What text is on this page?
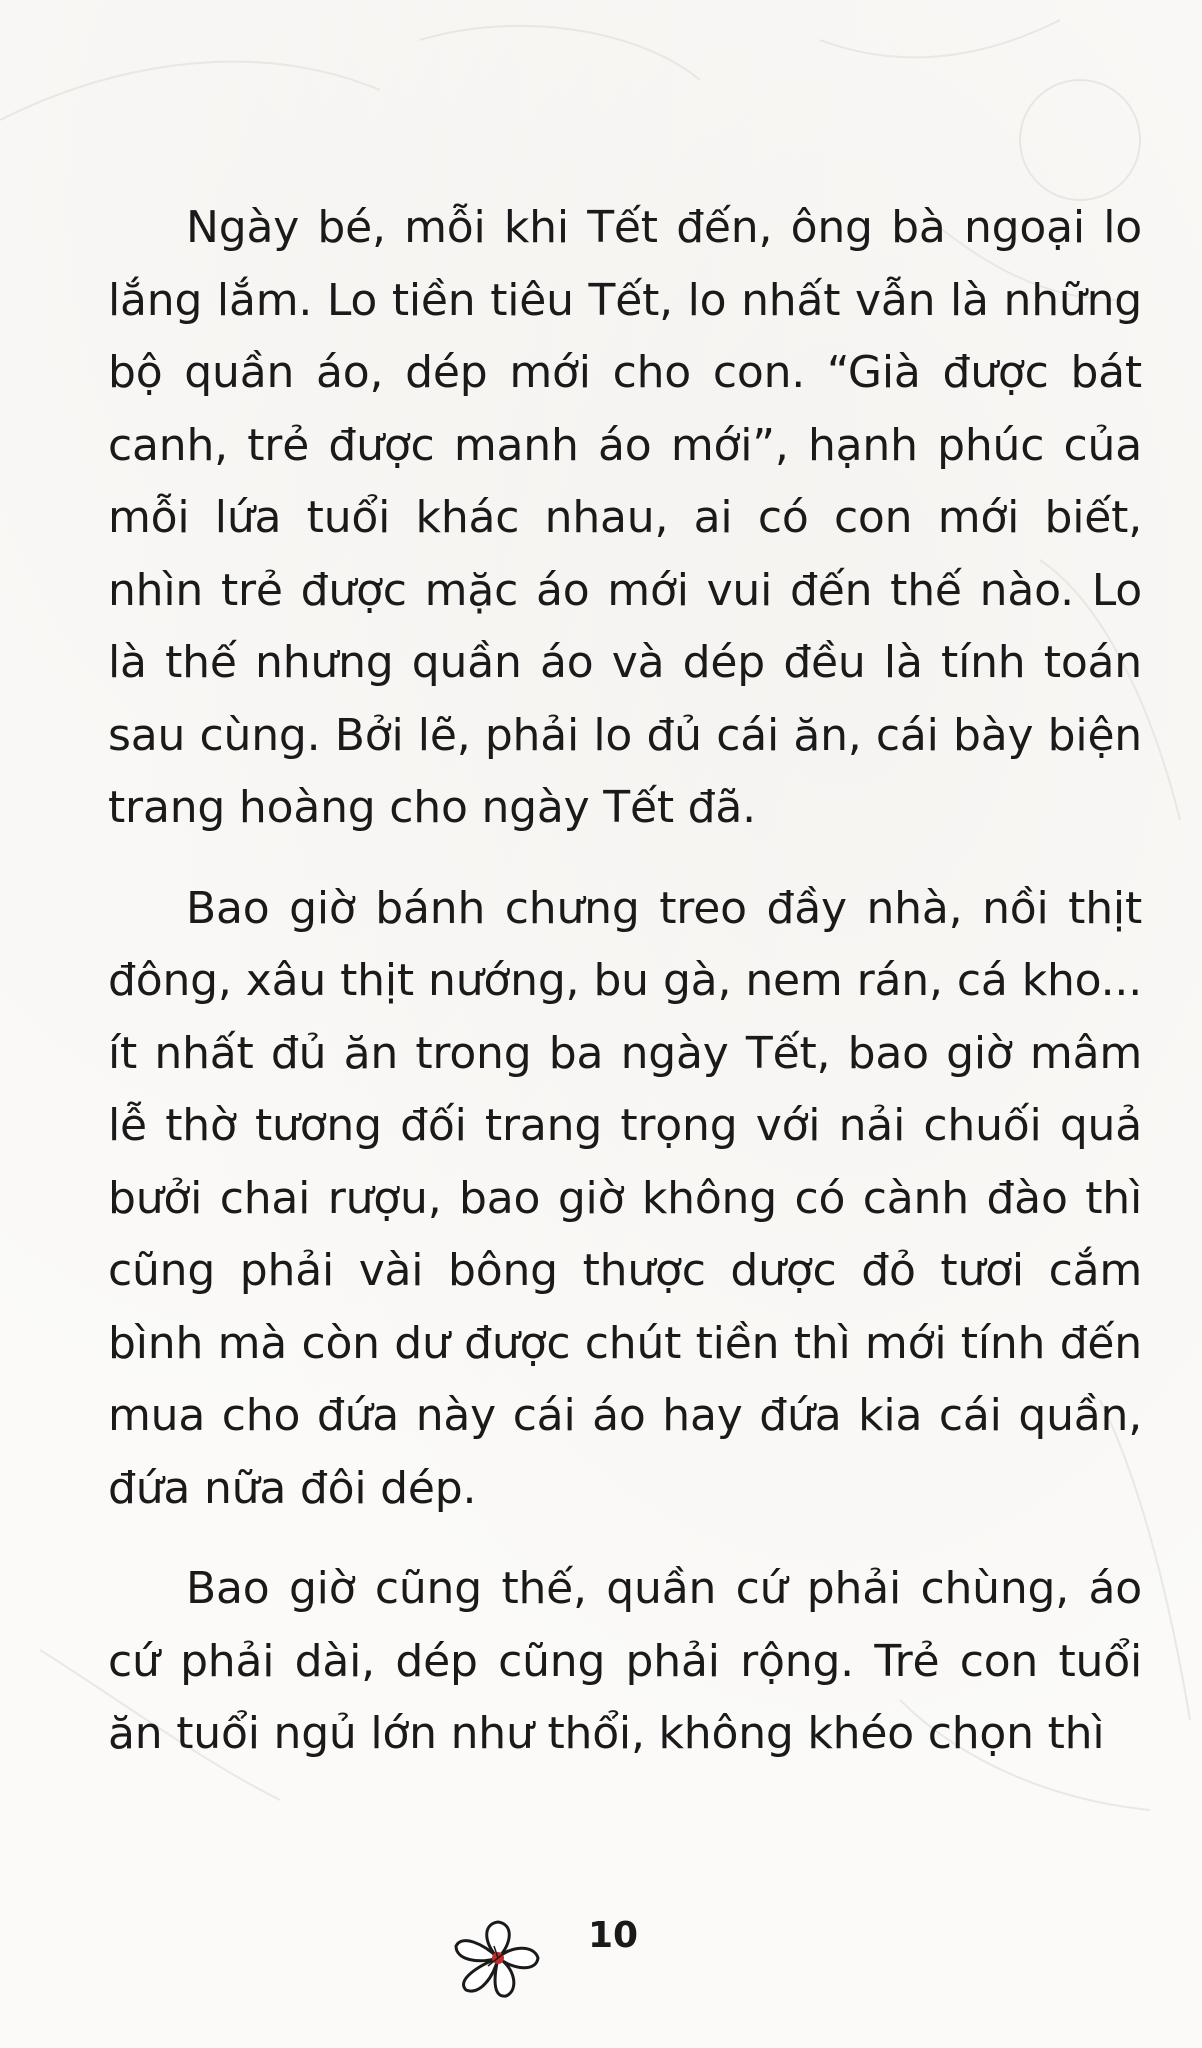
Ngày bé, mỗi khi Tết đến, ông bà ngoại lo lắng lắm. Lo tiền tiêu Tết, lo nhất vẫn là những bộ quần áo, dép mới cho con. “Già được bát canh, trẻ được manh áo mới”, hạnh phúc của mỗi lứa tuổi khác nhau, ai có con mới biết, nhìn trẻ được mặc áo mới vui đến thế nào. Lo là thế nhưng quần áo và dép đều là tính toán sau cùng. Bởi lẽ, phải lo đủ cái ăn, cái bày biện trang hoàng cho ngày Tết đã.

Bao giờ bánh chưng treo đầy nhà, nồi thịt đông, xâu thịt nướng, bu gà, nem rán, cá kho... ít nhất đủ ăn trong ba ngày Tết, bao giờ mâm lễ thờ tương đối trang trọng với nải chuối quả bưởi chai rượu, bao giờ không có cành đào thì cũng phải vài bông thược dược đỏ tươi cắm bình mà còn dư được chút tiền thì mới tính đến mua cho đứa này cái áo hay đứa kia cái quần, đứa nữa đôi dép.

Bao giờ cũng thế, quần cứ phải chùng, áo cứ phải dài, dép cũng phải rộng. Trẻ con tuổi ăn tuổi ngủ lớn như thổi, không khéo chọn thì

10
